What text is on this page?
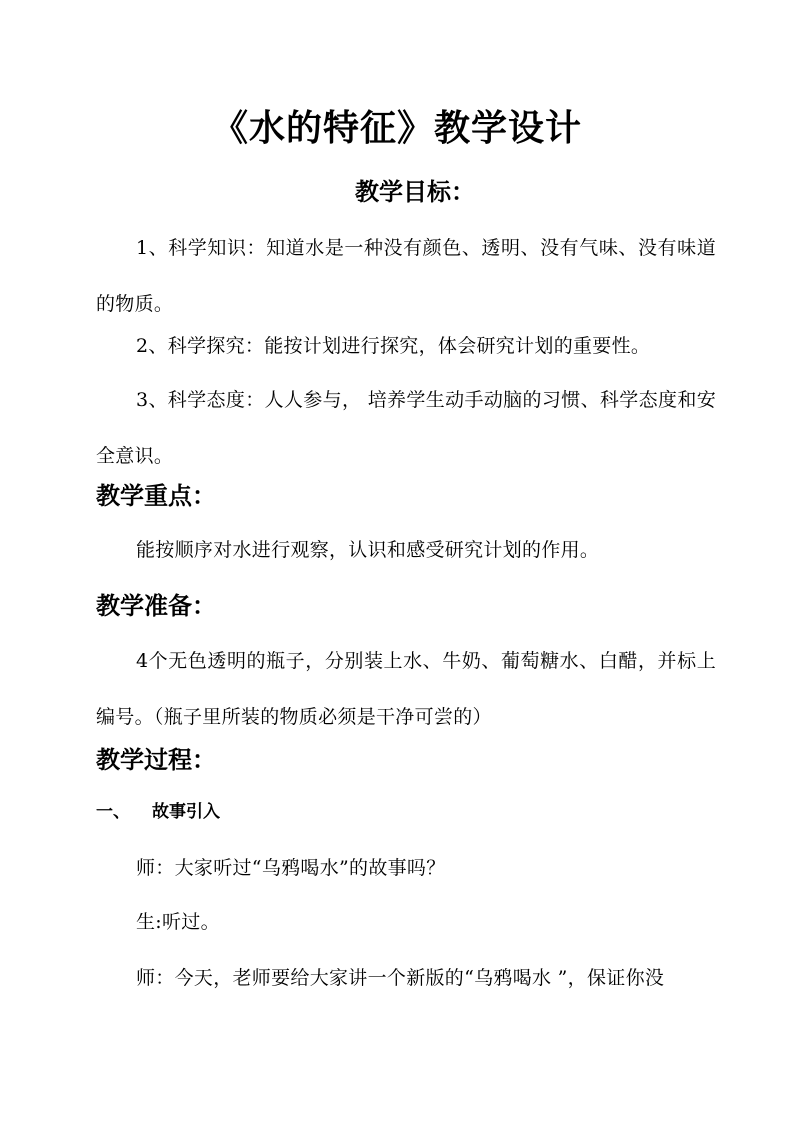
《水的特征》教学设计
教学目标：

1、科学知识：知道水是一种没有颜色、透明、没有气味、没有味道的物质。

2、科学探究：能按计划进行探究，体会研究计划的重要性。

3、科学态度：人人参与， 培养学生动手动脑的习惯、科学态度和安全意识。

教学重点：

能按顺序对水进行观察，认识和感受研究计划的作用。

教学准备：

4个无色透明的瓶子，分别装上水、牛奶、葡萄糖水、白醋，并标上编号。（瓶子里所装的物质必须是干净可尝的）

教学过程：
一、 故事引入

师：大家听过“乌鸦喝水”的故事吗？

生:听过。

师：今天，老师要给大家讲一个新版的“乌鸦喝水 ”，保证你没
